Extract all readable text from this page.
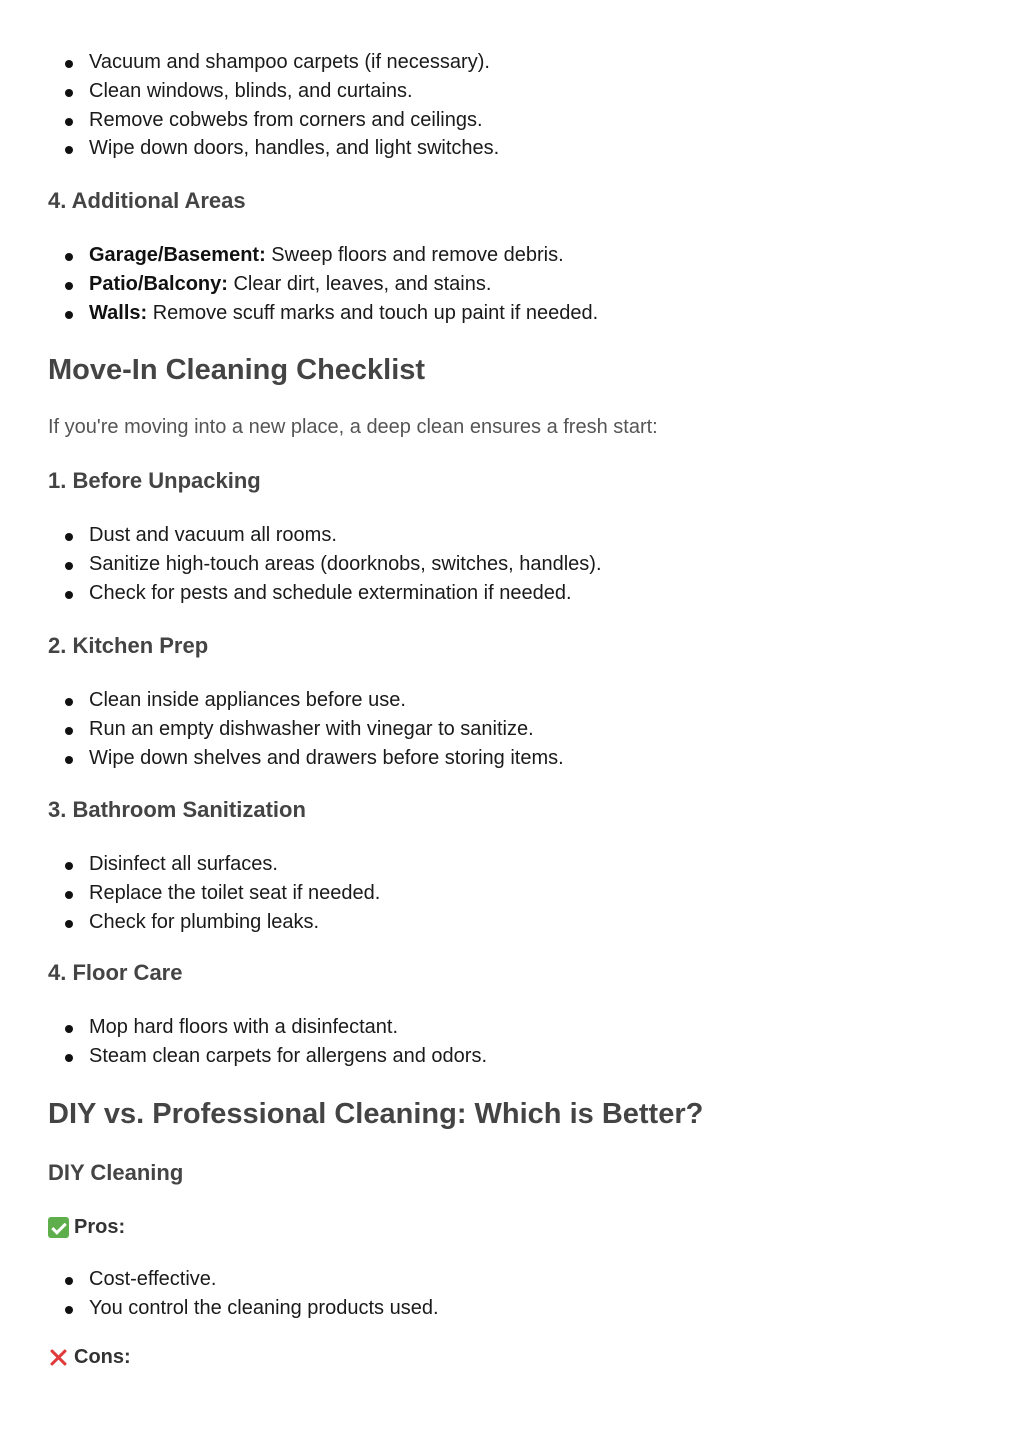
Vacuum and shampoo carpets (if necessary).
Clean windows, blinds, and curtains.
Remove cobwebs from corners and ceilings.
Wipe down doors, handles, and light switches.
4. Additional Areas
Garage/Basement: Sweep floors and remove debris.
Patio/Balcony: Clear dirt, leaves, and stains.
Walls: Remove scuff marks and touch up paint if needed.
Move-In Cleaning Checklist

If you're moving into a new place, a deep clean ensures a fresh start:

1. Before Unpacking
Dust and vacuum all rooms.
Sanitize high-touch areas (doorknobs, switches, handles).
Check for pests and schedule extermination if needed.
2. Kitchen Prep
Clean inside appliances before use.
Run an empty dishwasher with vinegar to sanitize.
Wipe down shelves and drawers before storing items.
3. Bathroom Sanitization
Disinfect all surfaces.
Replace the toilet seat if needed.
Check for plumbing leaks.
4. Floor Care
Mop hard floors with a disinfectant.
Steam clean carpets for allergens and odors.
DIY vs. Professional Cleaning: Which is Better?
DIY Cleaning
Pros:
Cost-effective.
You control the cleaning products used.
Cons:
